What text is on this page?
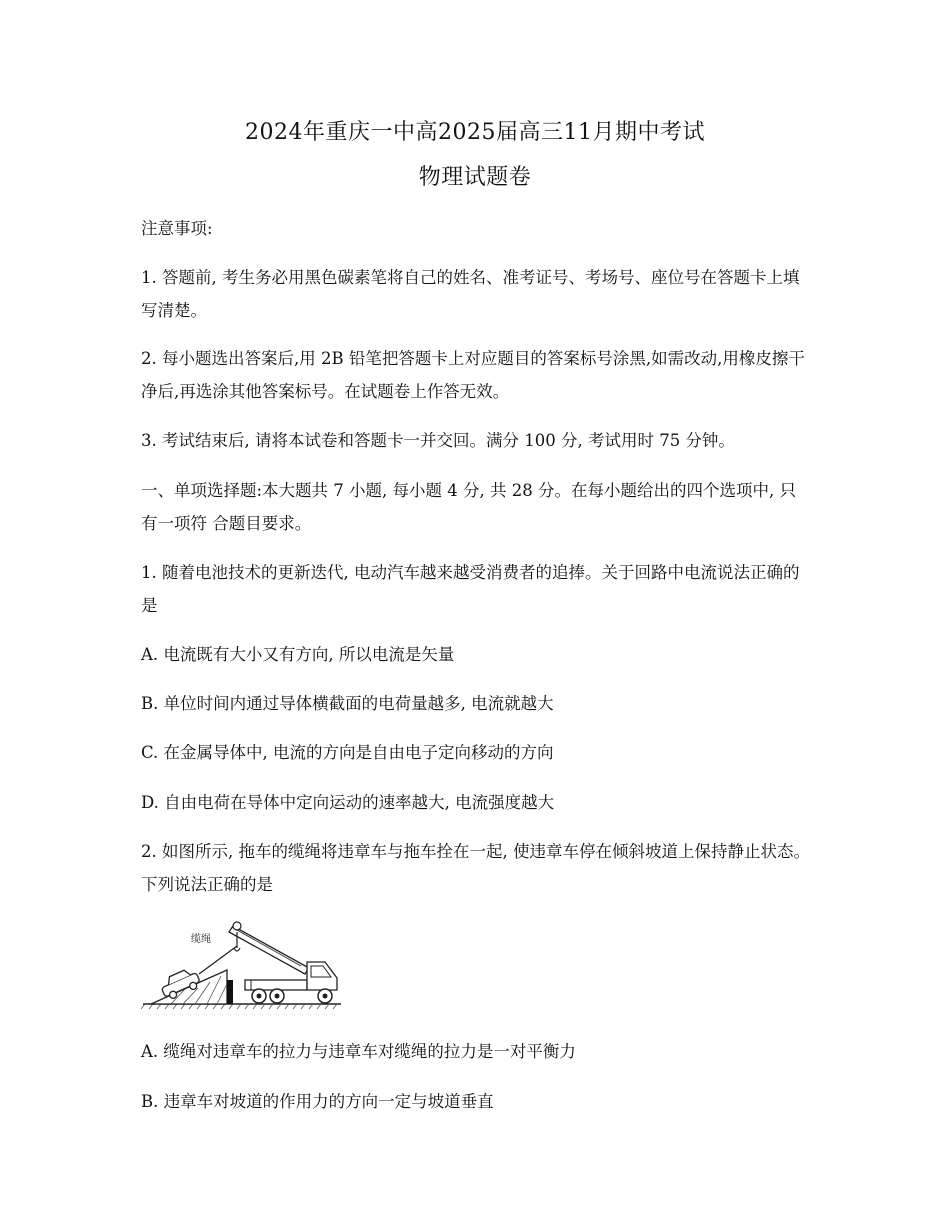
2024年重庆一中高2025届高三11月期中考试
物理试题卷
注意事项:
1. 答题前, 考生务必用黑色碳素笔将自己的姓名、准考证号、考场号、座位号在答题卡上填写清楚。
2. 每小题选出答案后,用 2B 铅笔把答题卡上对应题目的答案标号涂黑,如需改动,用橡皮擦干净后,再选涂其他答案标号。在试题卷上作答无效。
3. 考试结束后, 请将本试卷和答题卡一并交回。满分 100 分, 考试用时 75 分钟。
一、单项选择题:本大题共 7 小题, 每小题 4 分, 共 28 分。在每小题给出的四个选项中, 只有一项符 合题目要求。
1. 随着电池技术的更新迭代, 电动汽车越来越受消费者的追捧。关于回路中电流说法正确的是
A. 电流既有大小又有方向, 所以电流是矢量
B. 单位时间内通过导体横截面的电荷量越多, 电流就越大
C. 在金属导体中, 电流的方向是自由电子定向移动的方向
D. 自由电荷在导体中定向运动的速率越大, 电流强度越大
2. 如图所示, 拖车的缆绳将违章车与拖车拴在一起, 使违章车停在倾斜坡道上保持静止状态。下列说法正确的是
缆绳
A. 缆绳对违章车的拉力与违章车对缆绳的拉力是一对平衡力
B. 违章车对坡道的作用力的方向一定与坡道垂直
